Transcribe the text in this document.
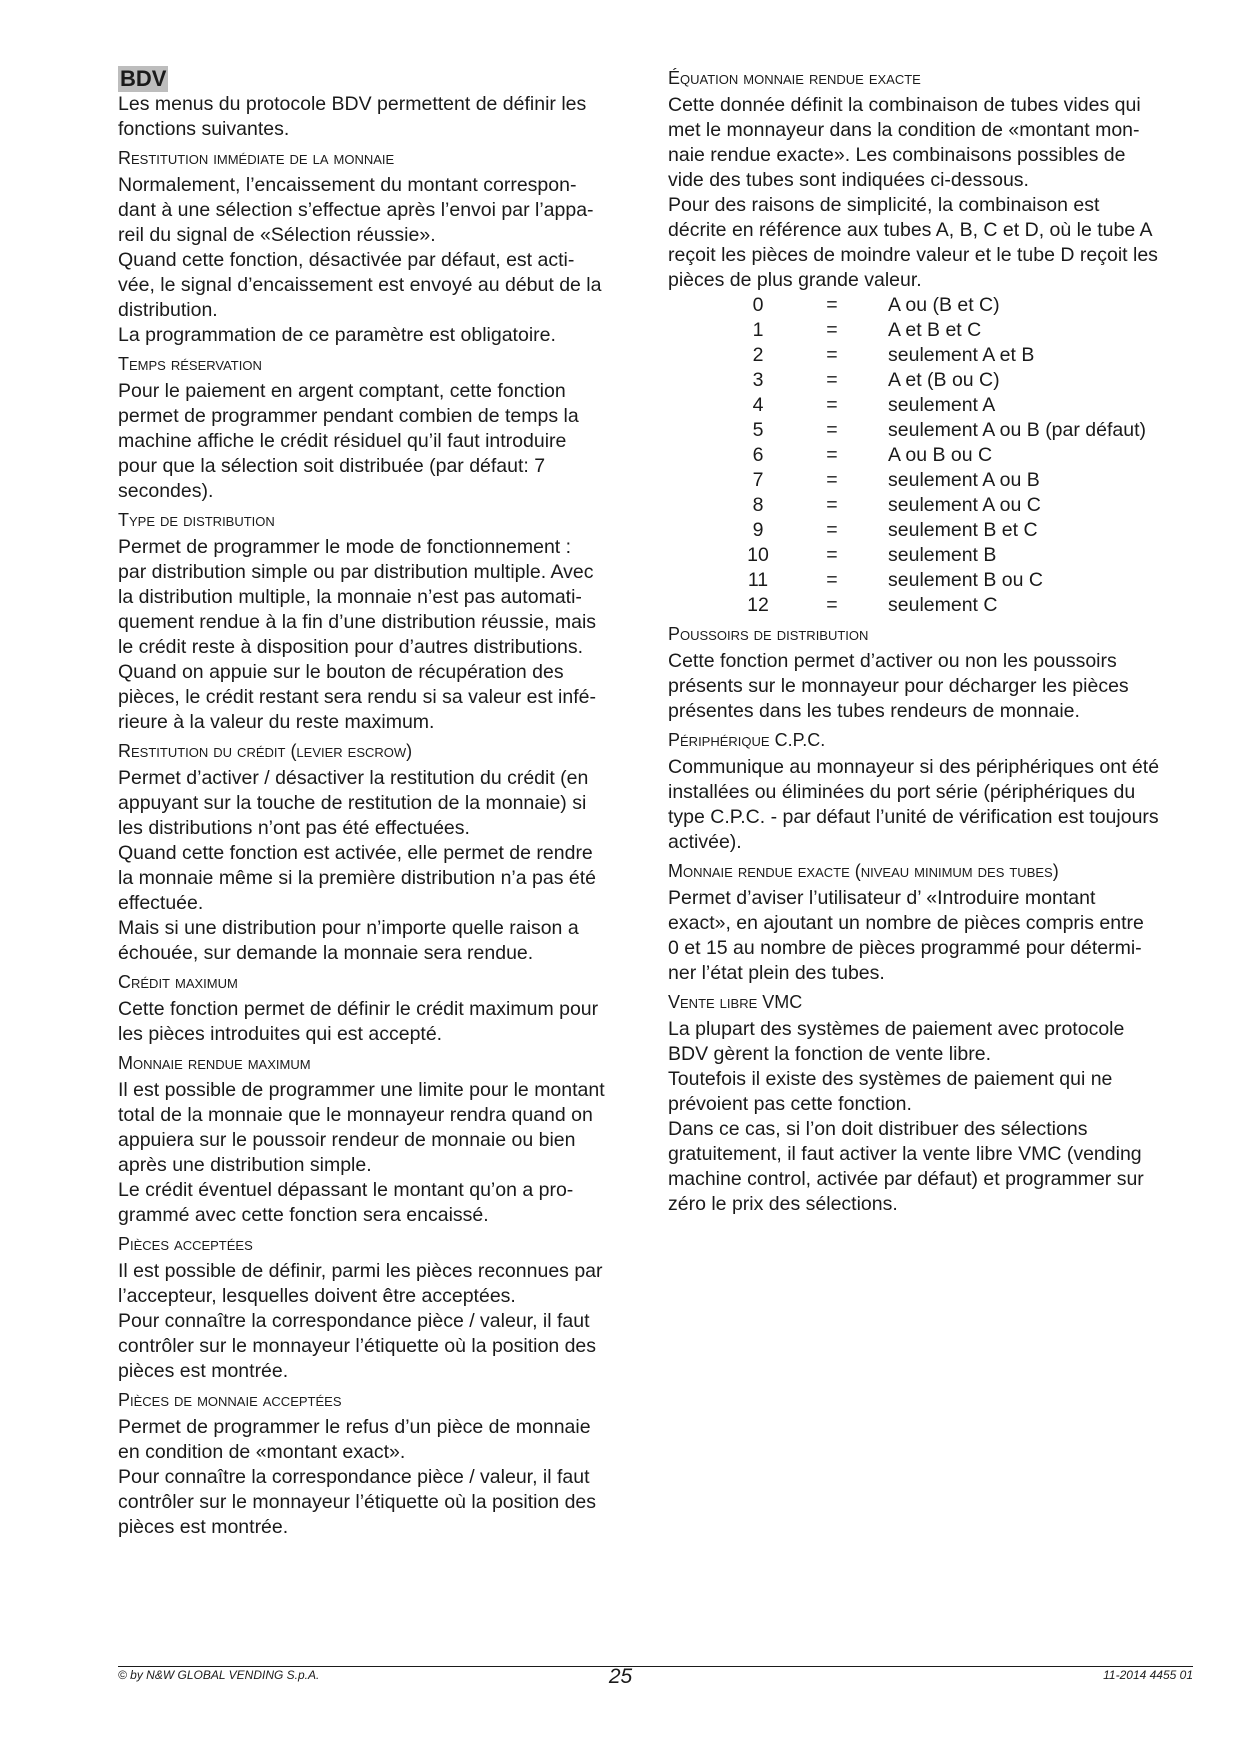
BDV

Les menus du protocole BDV permettent de définir les

fonctions suivantes.

Restitution immédiate de la monnaie

Normalement, l’encaissement du montant correspon-

dant à une sélection s’effectue après l’envoi par l’appa-

reil du signal de «Sélection réussie».

Quand cette fonction, désactivée par défaut, est acti-

vée, le signal d’encaissement est envoyé au début de la

distribution.

La programmation de ce paramètre est obligatoire.

Temps réservation

Pour le paiement en argent comptant, cette fonction

permet de programmer pendant combien de temps la

machine affiche le crédit résiduel qu’il faut introduire

pour que la sélection soit distribuée (par défaut: 7

secondes).

Type de distribution

Permet de programmer le mode de fonctionnement :

par distribution simple ou par distribution multiple. Avec

la distribution multiple, la monnaie n’est pas automati-

quement rendue à la fin d’une distribution réussie, mais

le crédit reste à disposition pour d’autres distributions.

Quand on appuie sur le bouton de récupération des

pièces, le crédit restant sera rendu si sa valeur est infé-

rieure à la valeur du reste maximum.

Restitution du crédit (levier escrow)

Permet d’activer / désactiver la restitution du crédit (en

appuyant sur la touche de restitution de la monnaie) si

les distributions n’ont pas été effectuées.

Quand cette fonction est activée, elle permet de rendre

la monnaie même si la première distribution n’a pas été

effectuée.

Mais si une distribution pour n’importe quelle raison a

échouée, sur demande la monnaie sera rendue.

Crédit maximum

Cette fonction permet de définir le crédit maximum pour

les pièces introduites qui est accepté.

Monnaie rendue maximum

Il est possible de programmer une limite pour le montant

total de la monnaie que le monnayeur rendra quand on

appuiera sur le poussoir rendeur de monnaie ou bien

après une distribution simple.

Le crédit éventuel dépassant le montant qu’on a pro-

grammé avec cette fonction sera encaissé.

Pièces acceptées

Il est possible de définir, parmi les pièces reconnues par

l’accepteur, lesquelles doivent être acceptées.

Pour connaître la correspondance pièce / valeur, il faut

contrôler sur le monnayeur l’étiquette où la position des

pièces est montrée.

Pièces de monnaie acceptées

Permet de programmer le refus d’un pièce de monnaie

en condition de «montant exact».

Pour connaître la correspondance pièce / valeur, il faut

contrôler sur le monnayeur l’étiquette où la position des

pièces est montrée.

Équation monnaie rendue exacte

Cette donnée définit la combinaison de tubes vides qui

met le monnayeur dans la condition de «montant mon-

naie rendue exacte». Les combinaisons possibles de

vide des tubes sont indiquées ci-dessous.

Pour des raisons de simplicité, la combinaison est

décrite en référence aux tubes A, B, C et D, où le tube A

reçoit les pièces de moindre valeur et le tube D reçoit les

pièces de plus grande valeur.

0	=	A ou (B et C)
1	=	A et B et C
2	=	seulement A et B
3	=	A et (B ou C)
4	=	seulement A
5	=	seulement A ou B (par défaut)
6	=	A ou B ou C
7	=	seulement A ou B
8	=	seulement A ou C
9	=	seulement B et C
10	=	seulement B
11	=	seulement B ou C
12	=	seulement C
Poussoirs de distribution

Cette fonction permet d’activer ou non les poussoirs

présents sur le monnayeur pour décharger les pièces

présentes dans les tubes rendeurs de monnaie.

Périphérique C.P.C.

Communique au monnayeur si des périphériques ont été

installées ou éliminées du port série (périphériques du

type C.P.C. - par défaut l’unité de vérification est toujours

activée).

Monnaie rendue exacte (niveau minimum des tubes)

Permet d’aviser l’utilisateur d’ «Introduire montant

exact», en ajoutant un nombre de pièces compris entre

0 et 15 au nombre de pièces programmé pour détermi-

ner l’état plein des tubes.

Vente libre VMC

La plupart des systèmes de paiement avec protocole

BDV gèrent la fonction de vente libre.

Toutefois il existe des systèmes de paiement qui ne

prévoient pas cette fonction.

Dans ce cas, si l’on doit distribuer des sélections

gratuitement, il faut activer la vente libre VMC (vending

machine control, activée par défaut) et programmer sur

zéro le prix des sélections.

© by N&W GLOBAL VENDING S.p.A.	25	11-2014 4455 01
